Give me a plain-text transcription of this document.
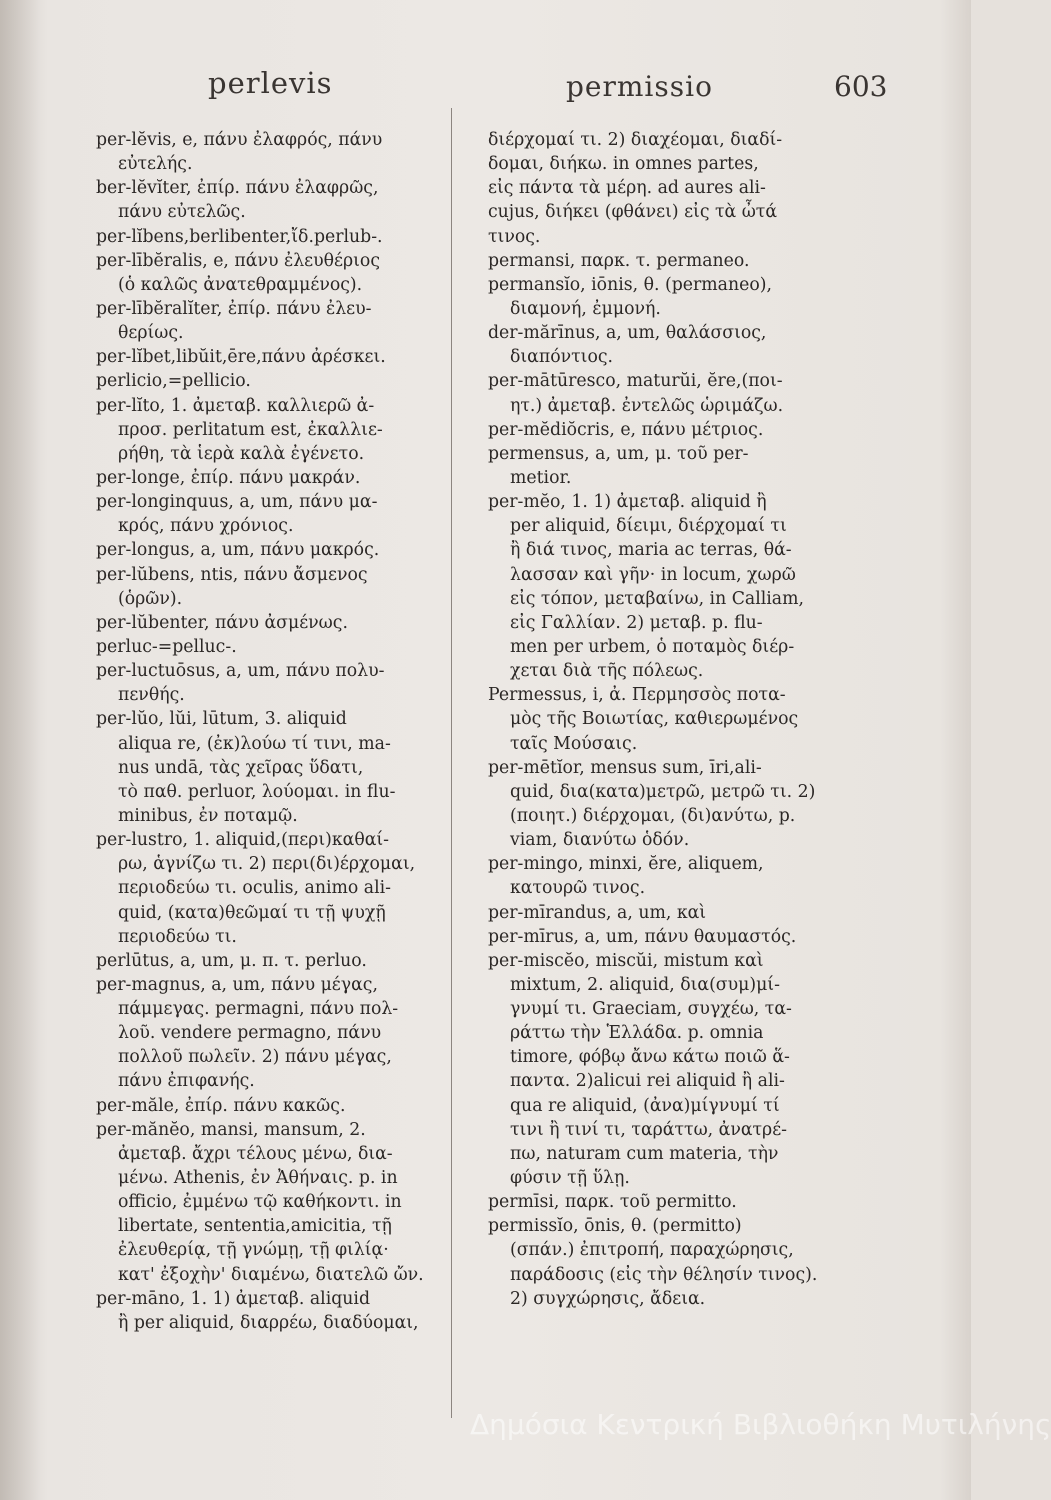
perlevis	permissio	603
per-lĕvis, e, πάνυ ἐλαφρός, πάνυ
εὐτελής.
ber-lĕvĭter, ἐπίρ. πάνυ ἐλαφρῶς,
πάνυ εὐτελῶς.
per-lĭbens,berlibenter,ἴδ.perlub-.
per-lībĕralis, e, πάνυ ἐλευθέριος
(ὁ καλῶς ἀνατεθραμμένος).
per-lībĕralĭter, ἐπίρ. πάνυ ἐλευ-
θερίως.
per-lĭbet,libŭit,ēre,πάνυ ἀρέσκει.
perlicio,=pellicio.
per-lĭto, 1. ἀμεταβ. καλλιερῶ ἀ-
προσ. perlitatum est, ἐκαλλιε-
ρήθη, τὰ ἱερὰ καλὰ ἐγένετο.
per-longe, ἐπίρ. πάνυ μακράν.
per-longinquus, a, um, πάνυ μα-
κρός, πάνυ χρόνιος.
per-longus, a, um, πάνυ μακρός.
per-lŭbens, ntis, πάνυ ἄσμενος
(ὁρῶν).
per-lŭbenter, πάνυ ἀσμένως.
perluc-=pelluc-.
per-luctuōsus, a, um, πάνυ πολυ-
πενθής.
per-lŭo, lŭi, lūtum, 3. aliquid
aliqua re, (ἐκ)λούω τί τινι, ma-
nus undā, τὰς χεῖρας ὕδατι,
τὸ παθ. perluor, λούομαι. in flu-
minibus, ἐν ποταμῷ.
per-lustro, 1. aliquid,(περι)καθαί-
ρω, ἁγνίζω τι. 2) περι(δι)έρχομαι,
περιοδεύω τι. oculis, animo ali-
quid, (κατα)θεῶμαί τι τῇ ψυχῇ
περιοδεύω τι.
perlūtus, a, um, μ. π. τ. perluo.
per-magnus, a, um, πάνυ μέγας,
πάμμεγας. permagni, πάνυ πολ-
λοῦ. vendere permagno, πάνυ
πολλοῦ πωλεῖν. 2) πάνυ μέγας,
πάνυ ἐπιφανής.
per-măle, ἐπίρ. πάνυ κακῶς.
per-mănĕo, mansi, mansum, 2.
ἀμεταβ. ἄχρι τέλους μένω, δια-
μένω. Athenis, ἐν Ἀθήναις. p. in
officio, ἐμμένω τῷ καθήκοντι. in
libertate, sententia,amicitia, τῇ
ἐλευθερίᾳ, τῇ γνώμῃ, τῇ φιλίᾳ·
κατ' ἐξοχὴν' διαμένω, διατελῶ ὤν.
per-māno, 1. 1) ἀμεταβ. aliquid
ἢ per aliquid, διαρρέω, διαδύομαι,
διέρχομαί τι. 2) διαχέομαι, διαδί-
δομαι, διήκω. in omnes partes,
εἰς πάντα τὰ μέρη. ad aures ali-
cujus, διήκει (φθάνει) εἰς τὰ ὦτά
τινος.
permansi, παρκ. τ. permaneo.
permansĭo, iōnis, θ. (permaneo),
διαμονή, ἐμμονή.
der-mărīnus, a, um, θαλάσσιος,
διαπόντιος.
per-mātūresco, maturŭi, ĕre,(ποι-
ητ.) ἀμεταβ. ἐντελῶς ὡριμάζω.
per-mĕdiŏcris, e, πάνυ μέτριος.
permensus, a, um, μ. τοῦ per-
metior.
per-mĕo, 1. 1) ἀμεταβ. aliquid ἢ
per aliquid, δίειμι, διέρχομαί τι
ἢ διά τινος, maria ac terras, θά-
λασσαν καὶ γῆν· in locum, χωρῶ
εἰς τόπον, μεταβαίνω, in Calliam,
εἰς Γαλλίαν. 2) μεταβ. p. flu-
men per urbem, ὁ ποταμὸς διέρ-
χεται διὰ τῆς πόλεως.
Permessus, i, ἀ. Περμησσὸς ποτα-
μὸς τῆς Βοιωτίας, καθιερωμένος
ταῖς Μούσαις.
per-mētĭor, mensus sum, īri,ali-
quid, δια(κατα)μετρῶ, μετρῶ τι. 2)
(ποιητ.) διέρχομαι, (δι)ανύτω, p.
viam, διανύτω ὁδόν.
per-mingo, minxi, ĕre, aliquem,
κατουρῶ τινος.
per-mīrandus, a, um, καὶ
per-mīrus, a, um, πάνυ θαυμαστός.
per-miscĕo, miscŭi, mistum καὶ
mixtum, 2. aliquid, δια(συμ)μί-
γνυμί τι. Graeciam, συγχέω, τα-
ράττω τὴν Ἑλλάδα. p. omnia
timore, φόβῳ ἄνω κάτω ποιῶ ἅ-
παντα. 2)alicui rei aliquid ἢ ali-
qua re aliquid, (ἀνα)μίγνυμί τί
τινι ἢ τινί τι, ταράττω, ἀνατρέ-
πω, naturam cum materia, τὴν
φύσιν τῇ ὕλῃ.
permīsi, παρκ. τοῦ permitto.
permissĭo, ōnis, θ. (permitto)
(σπάν.) ἐπιτροπή, παραχώρησις,
παράδοσις (εἰς τὴν θέλησίν τινος).
2) συγχώρησις, ἄδεια.
Δημόσια Κεντρική Βιβλιοθήκη Μυτιλήνης
